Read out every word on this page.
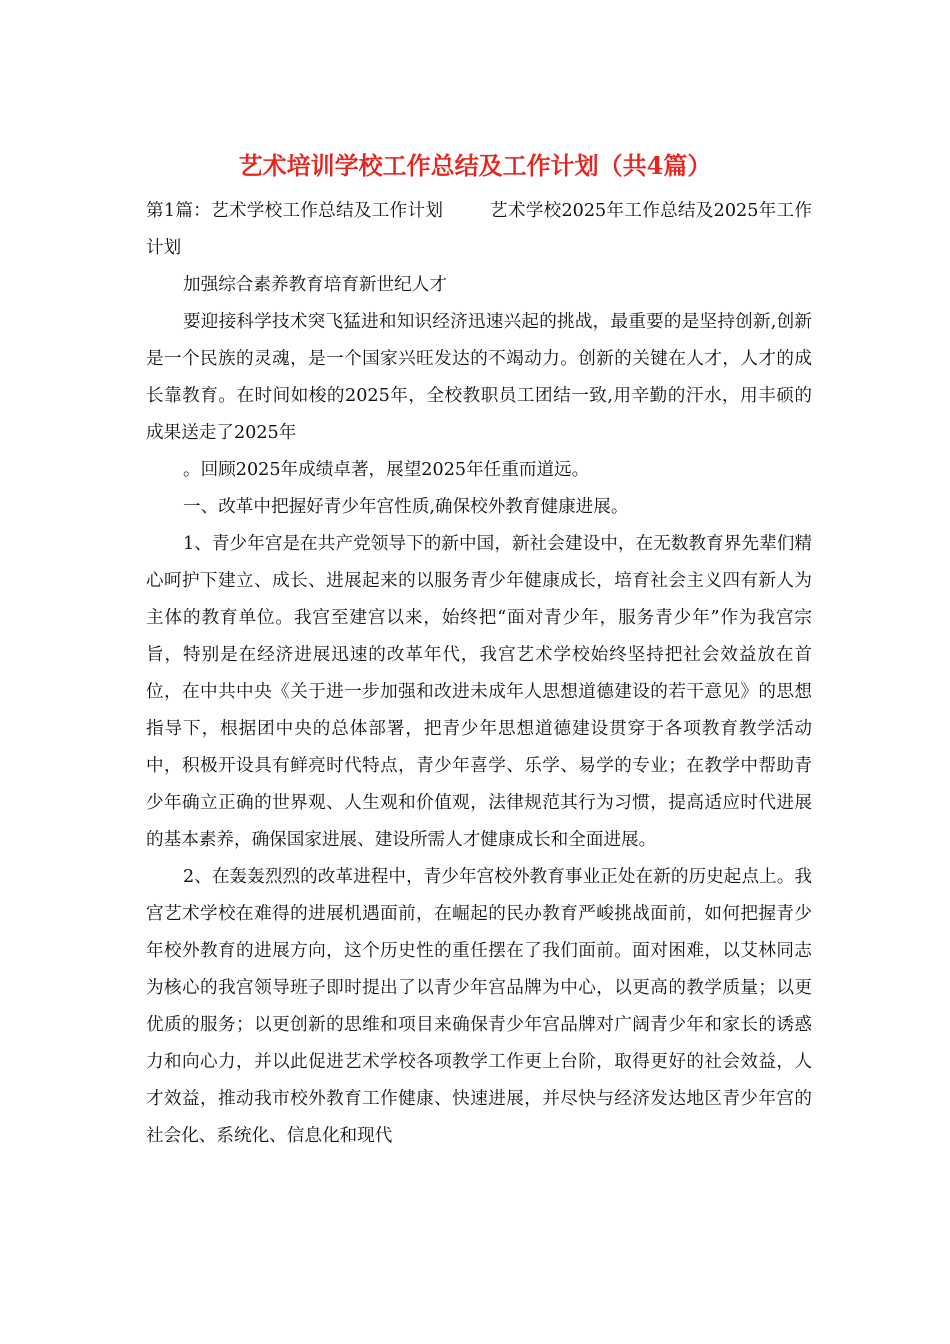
艺术培训学校工作总结及工作计划（共4篇）

第1篇：艺术学校工作总结及工作计划        艺术学校2025年工作总结及2025年工作计划

加强综合素养教育培育新世纪人才

要迎接科学技术突飞猛进和知识经济迅速兴起的挑战，最重要的是坚持创新,创新是一个民族的灵魂，是一个国家兴旺发达的不竭动力。创新的关键在人才，人才的成长靠教育。在时间如梭的2025年，全校教职员工团结一致,用辛勤的汗水，用丰硕的成果送走了2025年

。回顾2025年成绩卓著，展望2025年任重而道远。

一、改革中把握好青少年宫性质,确保校外教育健康进展。

1、青少年宫是在共产党领导下的新中国，新社会建设中，在无数教育界先辈们精心呵护下建立、成长、进展起来的以服务青少年健康成长，培育社会主义四有新人为主体的教育单位。我宫至建宫以来，始终把“面对青少年，服务青少年”作为我宫宗旨，特别是在经济进展迅速的改革年代，我宫艺术学校始终坚持把社会效益放在首位，在中共中央《关于进一步加强和改进未成年人思想道德建设的若干意见》的思想指导下，根据团中央的总体部署，把青少年思想道德建设贯穿于各项教育教学活动中，积极开设具有鲜亮时代特点，青少年喜学、乐学、易学的专业；在教学中帮助青少年确立正确的世界观、人生观和价值观，法律规范其行为习惯，提高适应时代进展的基本素养，确保国家进展、建设所需人才健康成长和全面进展。

2、在轰轰烈烈的改革进程中，青少年宫校外教育事业正处在新的历史起点上。我宫艺术学校在难得的进展机遇面前，在崛起的民办教育严峻挑战面前，如何把握青少年校外教育的进展方向，这个历史性的重任摆在了我们面前。面对困难，以艾林同志为核心的我宫领导班子即时提出了以青少年宫品牌为中心，以更高的教学质量；以更优质的服务；以更创新的思维和项目来确保青少年宫品牌对广阔青少年和家长的诱惑力和向心力，并以此促进艺术学校各项教学工作更上台阶，取得更好的社会效益，人才效益，推动我市校外教育工作健康、快速进展，并尽快与经济发达地区青少年宫的社会化、系统化、信息化和现代
